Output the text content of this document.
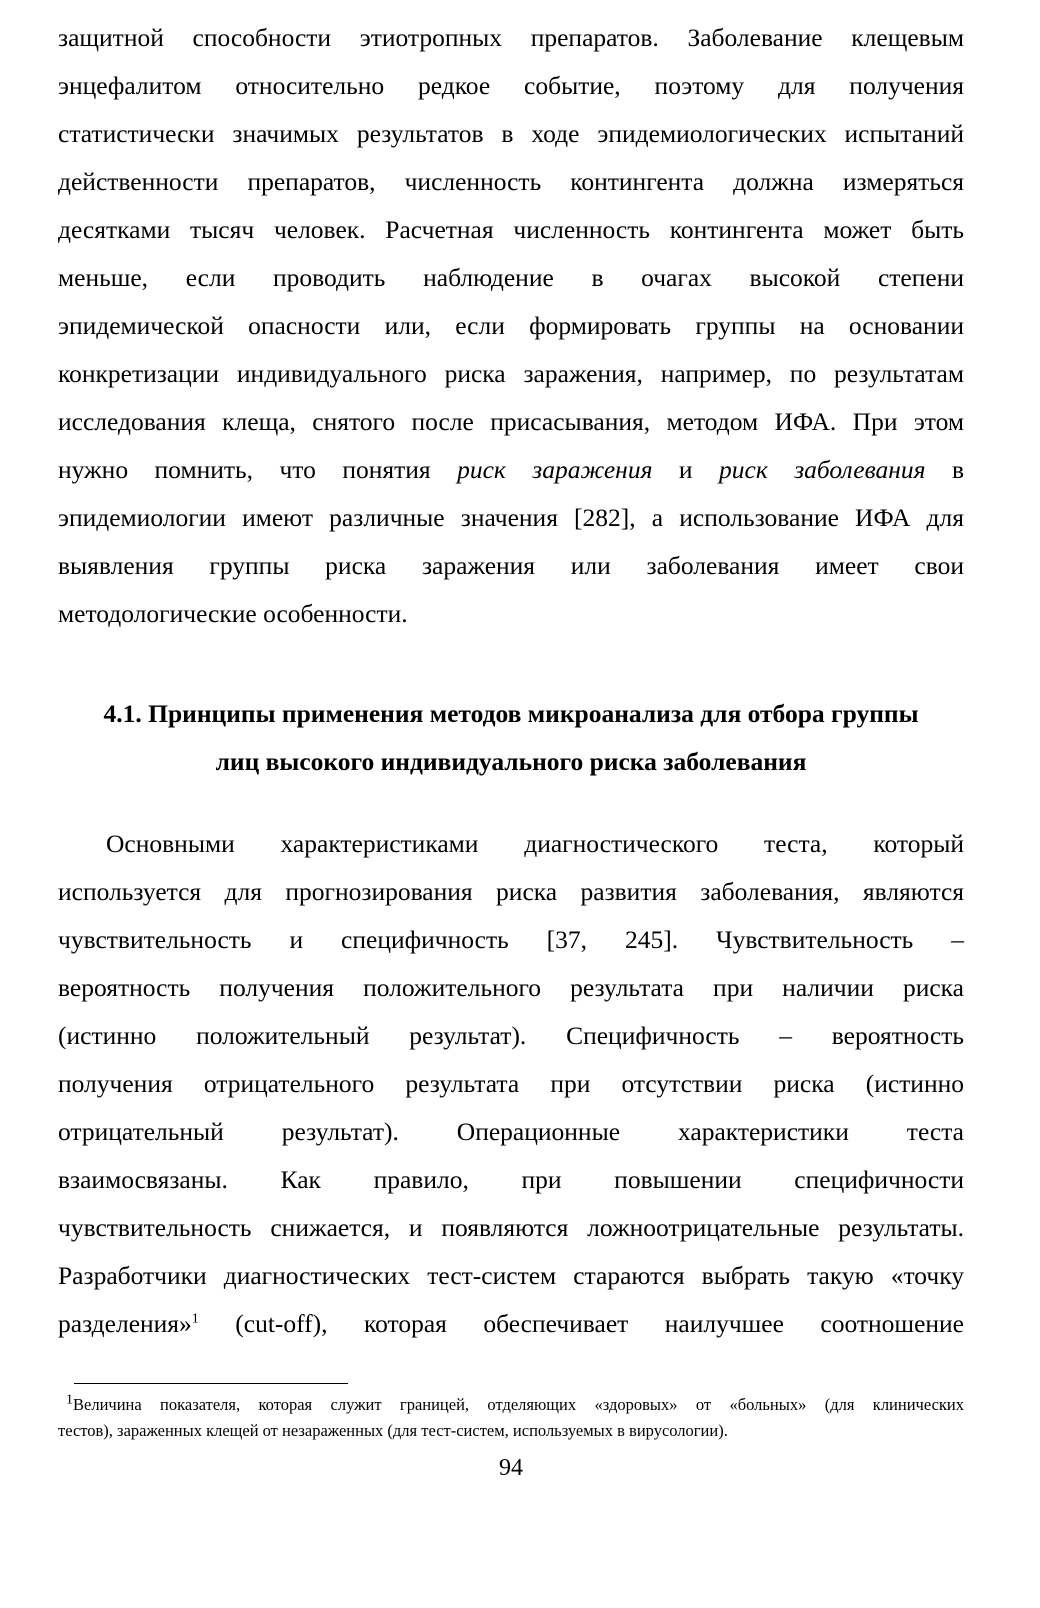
защитной способности этиотропных препаратов. Заболевание клещевым

энцефалитом относительно редкое событие, поэтому для получения

статистически значимых результатов в ходе эпидемиологических испытаний

действенности препаратов, численность контингента должна измеряться

десятками тысяч человек. Расчетная численность контингента может быть

меньше, если проводить наблюдение в очагах высокой степени

эпидемической опасности или, если формировать группы на основании

конкретизации индивидуального риска заражения, например, по результатам

исследования клеща, снятого после присасывания, методом ИФА. При этом

нужно помнить, что понятия риск заражения и риск заболевания в

эпидемиологии имеют различные значения [282], а использование ИФА для

выявления группы риска заражения или заболевания имеет свои

методологические особенности.

4.1. Принципы применения методов микроанализа для отбора группы
лиц высокого индивидуального риска заболевания

Основными характеристиками диагностического теста, который

используется для прогнозирования риска развития заболевания, являются

чувствительность и специфичность [37, 245]. Чувствительность –

вероятность получения положительного результата при наличии риска

(истинно положительный результат). Специфичность – вероятность

получения отрицательного результата при отсутствии риска (истинно

отрицательный результат). Операционные характеристики теста

взаимосвязаны. Как правило, при повышении специфичности

чувствительность снижается, и появляются ложноотрицательные результаты.

Разработчики диагностических тест-систем стараются выбрать такую «точку

разделения»$^1$ (cut-off), которая обеспечивает наилучшее соотношение

$^1$Величина показателя, которая служит границей, отделяющих «здоровых» от «больных» (для клинических

тестов), зараженных клещей от незараженных (для тест-систем, используемых в вирусологии).

94
